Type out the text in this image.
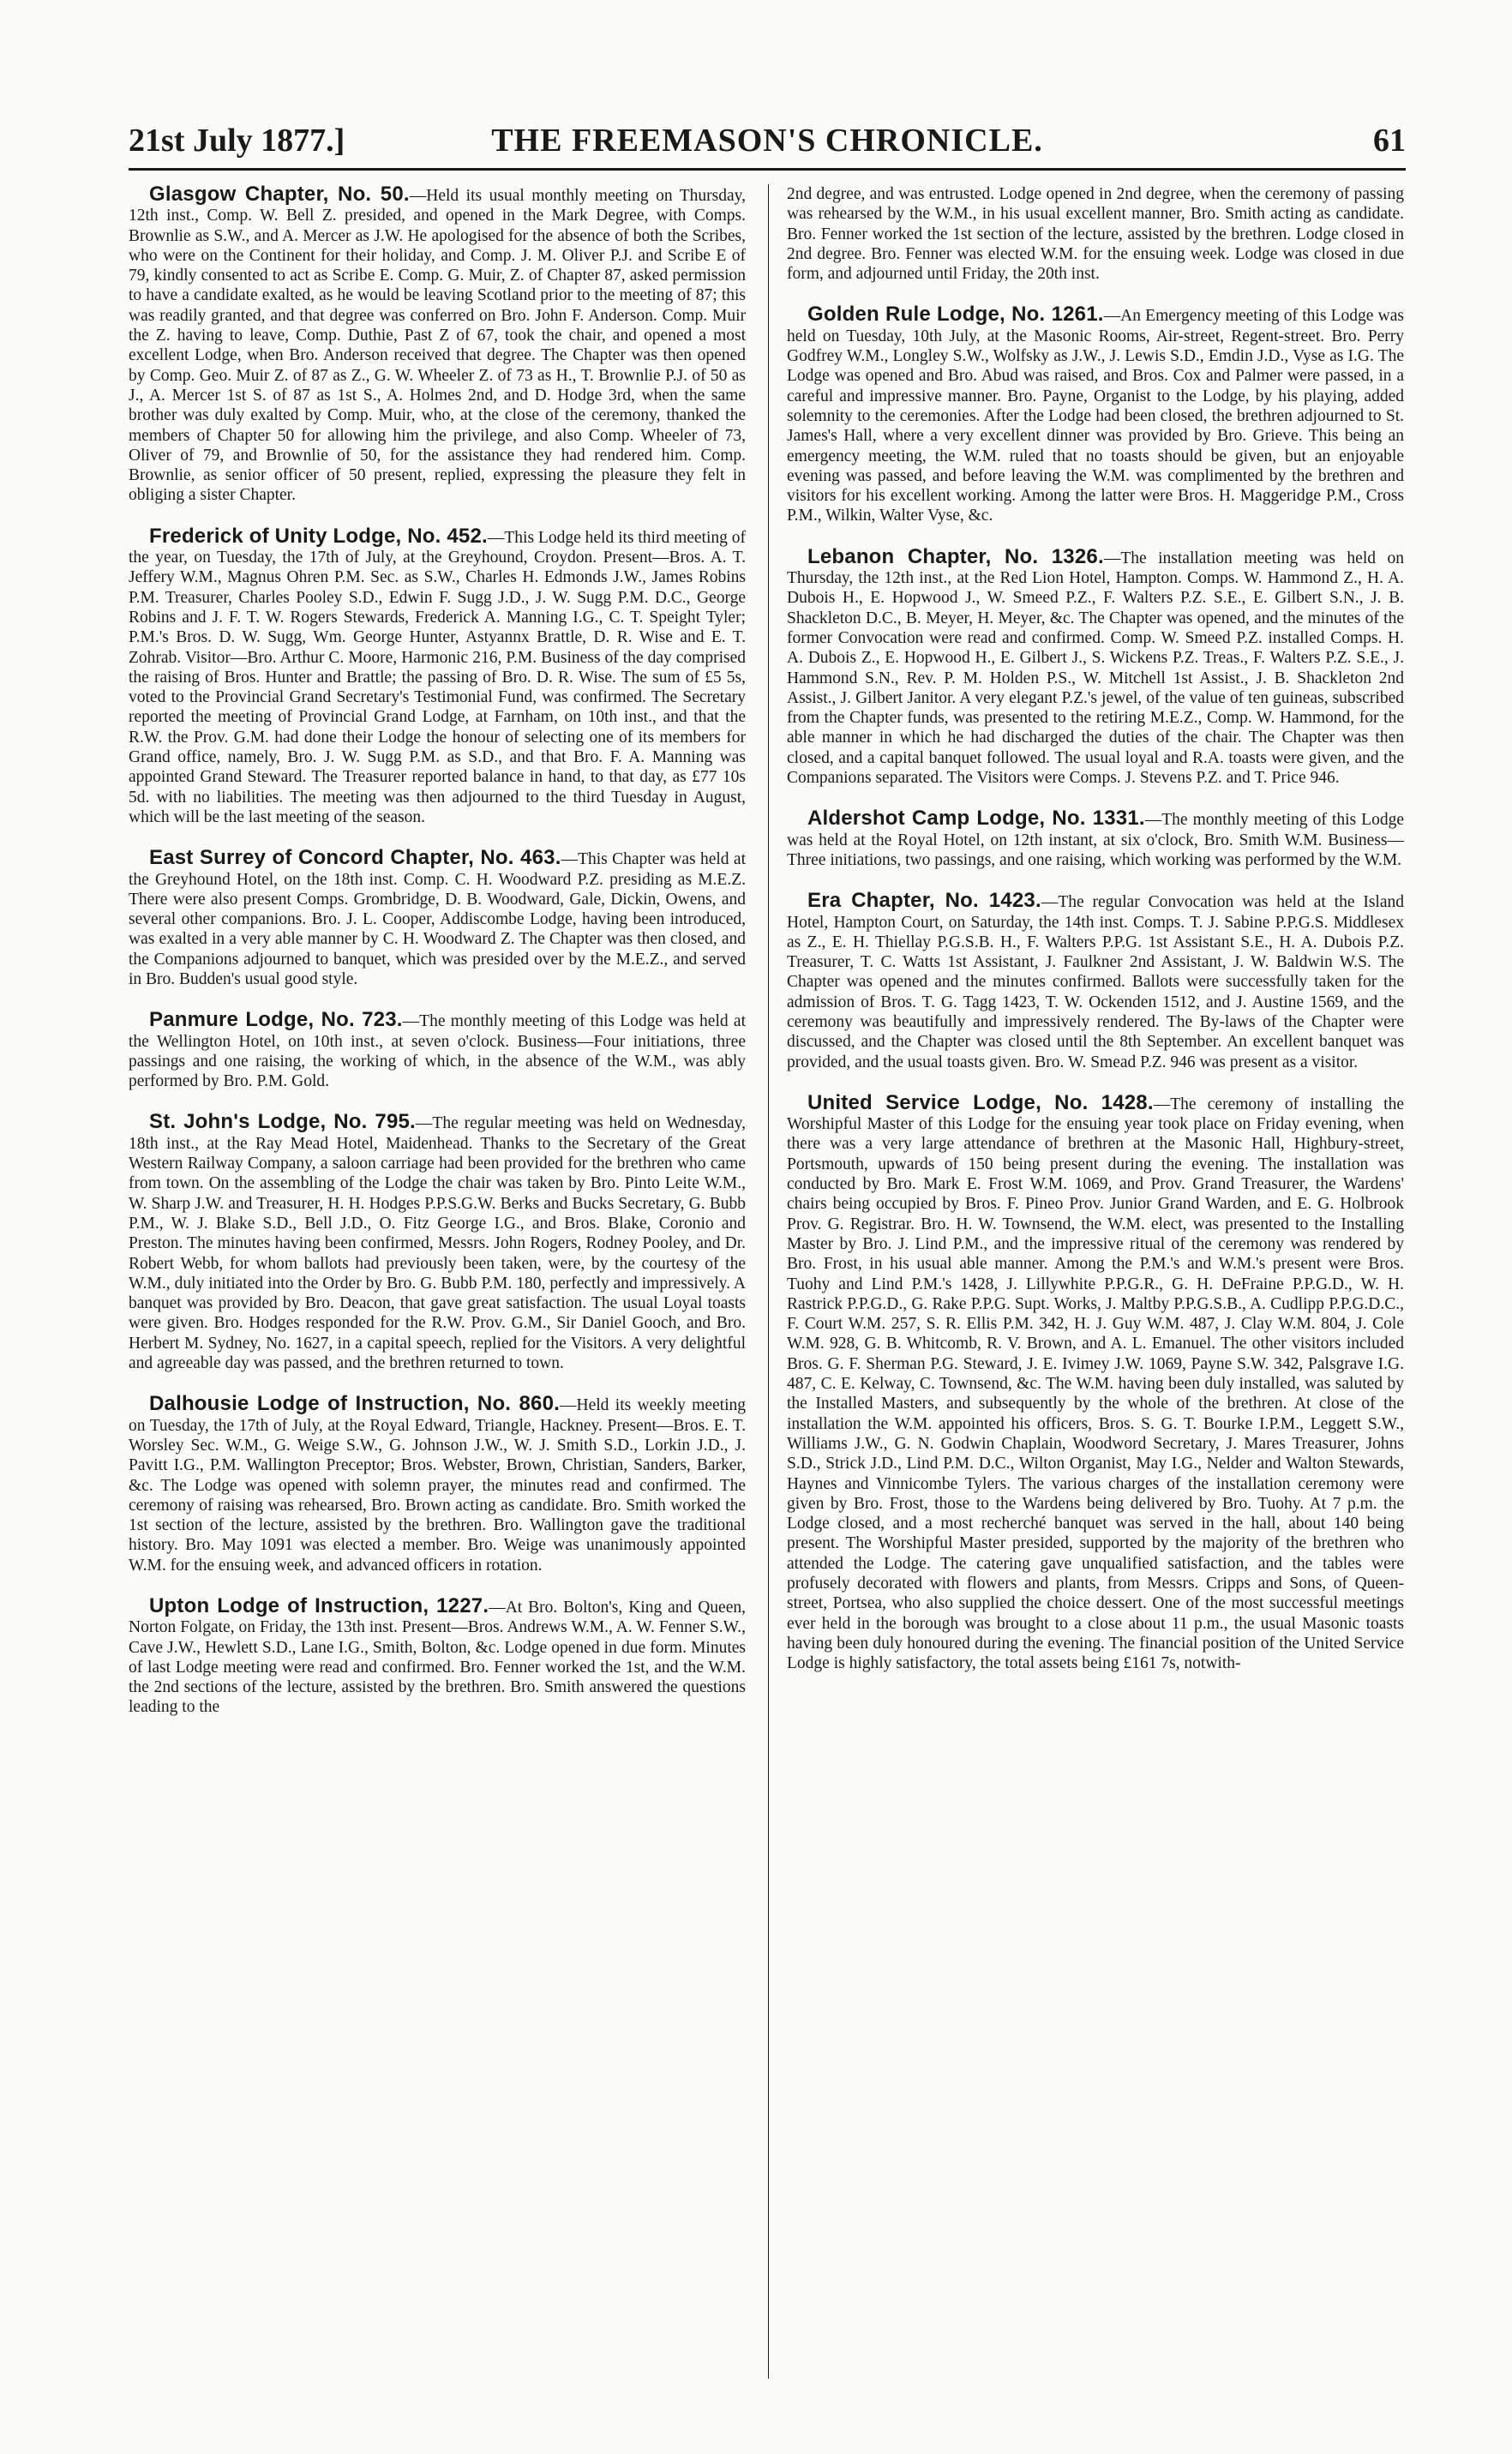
21st July 1877.]	THE FREEMASON'S CHRONICLE.	61

Glasgow Chapter, No. 50.—Held its usual monthly meeting on Thursday, 12th inst., Comp. W. Bell Z. presided, and opened in the Mark Degree, with Comps. Brownlie as S.W., and A. Mercer as J.W. He apologised for the absence of both the Scribes, who were on the Continent for their holiday, and Comp. J. M. Oliver P.J. and Scribe E of 79, kindly consented to act as Scribe E. Comp. G. Muir, Z. of Chapter 87, asked permission to have a candidate exalted, as he would be leaving Scotland prior to the meeting of 87; this was readily granted, and that degree was conferred on Bro. John F. Anderson. Comp. Muir the Z. having to leave, Comp. Duthie, Past Z of 67, took the chair, and opened a most excellent Lodge, when Bro. Anderson received that degree. The Chapter was then opened by Comp. Geo. Muir Z. of 87 as Z., G. W. Wheeler Z. of 73 as H., T. Brownlie P.J. of 50 as J., A. Mercer 1st S. of 87 as 1st S., A. Holmes 2nd, and D. Hodge 3rd, when the same brother was duly exalted by Comp. Muir, who, at the close of the ceremony, thanked the members of Chapter 50 for allowing him the privilege, and also Comp. Wheeler of 73, Oliver of 79, and Brownlie of 50, for the assistance they had rendered him. Comp. Brownlie, as senior officer of 50 present, replied, expressing the pleasure they felt in obliging a sister Chapter.

Frederick of Unity Lodge, No. 452.—This Lodge held its third meeting of the year, on Tuesday, the 17th of July, at the Greyhound, Croydon. Present—Bros. A. T. Jeffery W.M., Magnus Ohren P.M. Sec. as S.W., Charles H. Edmonds J.W., James Robins P.M. Treasurer, Charles Pooley S.D., Edwin F. Sugg J.D., J. W. Sugg P.M. D.C., George Robins and J. F. T. W. Rogers Stewards, Frederick A. Manning I.G., C. T. Speight Tyler; P.M.'s Bros. D. W. Sugg, Wm. George Hunter, Astyannx Brattle, D. R. Wise and E. T. Zohrab. Visitor—Bro. Arthur C. Moore, Harmonic 216, P.M. Business of the day comprised the raising of Bros. Hunter and Brattle; the passing of Bro. D. R. Wise. The sum of £5 5s, voted to the Provincial Grand Secretary's Testimonial Fund, was confirmed. The Secretary reported the meeting of Provincial Grand Lodge, at Farnham, on 10th inst., and that the R.W. the Prov. G.M. had done their Lodge the honour of selecting one of its members for Grand office, namely, Bro. J. W. Sugg P.M. as S.D., and that Bro. F. A. Manning was appointed Grand Steward. The Treasurer reported balance in hand, to that day, as £77 10s 5d. with no liabilities. The meeting was then adjourned to the third Tuesday in August, which will be the last meeting of the season.

East Surrey of Concord Chapter, No. 463.—This Chapter was held at the Greyhound Hotel, on the 18th inst. Comp. C. H. Woodward P.Z. presiding as M.E.Z. There were also present Comps. Grombridge, D. B. Woodward, Gale, Dickin, Owens, and several other companions. Bro. J. L. Cooper, Addiscombe Lodge, having been introduced, was exalted in a very able manner by C. H. Woodward Z. The Chapter was then closed, and the Companions adjourned to banquet, which was presided over by the M.E.Z., and served in Bro. Budden's usual good style.

Panmure Lodge, No. 723.—The monthly meeting of this Lodge was held at the Wellington Hotel, on 10th inst., at seven o'clock. Business—Four initiations, three passings and one raising, the working of which, in the absence of the W.M., was ably performed by Bro. P.M. Gold.

St. John's Lodge, No. 795.—The regular meeting was held on Wednesday, 18th inst., at the Ray Mead Hotel, Maidenhead. Thanks to the Secretary of the Great Western Railway Company, a saloon carriage had been provided for the brethren who came from town. On the assembling of the Lodge the chair was taken by Bro. Pinto Leite W.M., W. Sharp J.W. and Treasurer, H. H. Hodges P.P.S.G.W. Berks and Bucks Secretary, G. Bubb P.M., W. J. Blake S.D., Bell J.D., O. Fitz George I.G., and Bros. Blake, Coronio and Preston. The minutes having been confirmed, Messrs. John Rogers, Rodney Pooley, and Dr. Robert Webb, for whom ballots had previously been taken, were, by the courtesy of the W.M., duly initiated into the Order by Bro. G. Bubb P.M. 180, perfectly and impressively. A banquet was provided by Bro. Deacon, that gave great satisfaction. The usual Loyal toasts were given. Bro. Hodges responded for the R.W. Prov. G.M., Sir Daniel Gooch, and Bro. Herbert M. Sydney, No. 1627, in a capital speech, replied for the Visitors. A very delightful and agreeable day was passed, and the brethren returned to town.

Dalhousie Lodge of Instruction, No. 860.—Held its weekly meeting on Tuesday, the 17th of July, at the Royal Edward, Triangle, Hackney. Present—Bros. E. T. Worsley Sec. W.M., G. Weige S.W., G. Johnson J.W., W. J. Smith S.D., Lorkin J.D., J. Pavitt I.G., P.M. Wallington Preceptor; Bros. Webster, Brown, Christian, Sanders, Barker, &c. The Lodge was opened with solemn prayer, the minutes read and confirmed. The ceremony of raising was rehearsed, Bro. Brown acting as candidate. Bro. Smith worked the 1st section of the lecture, assisted by the brethren. Bro. Wallington gave the traditional history. Bro. May 1091 was elected a member. Bro. Weige was unanimously appointed W.M. for the ensuing week, and advanced officers in rotation.

Upton Lodge of Instruction, 1227.—At Bro. Bolton's, King and Queen, Norton Folgate, on Friday, the 13th inst. Present—Bros. Andrews W.M., A. W. Fenner S.W., Cave J.W., Hewlett S.D., Lane I.G., Smith, Bolton, &c. Lodge opened in due form. Minutes of last Lodge meeting were read and confirmed. Bro. Fenner worked the 1st, and the W.M. the 2nd sections of the lecture, assisted by the brethren. Bro. Smith answered the questions leading to the

2nd degree, and was entrusted. Lodge opened in 2nd degree, when the ceremony of passing was rehearsed by the W.M., in his usual excellent manner, Bro. Smith acting as candidate. Bro. Fenner worked the 1st section of the lecture, assisted by the brethren. Lodge closed in 2nd degree. Bro. Fenner was elected W.M. for the ensuing week. Lodge was closed in due form, and adjourned until Friday, the 20th inst.

Golden Rule Lodge, No. 1261.—An Emergency meeting of this Lodge was held on Tuesday, 10th July, at the Masonic Rooms, Air-street, Regent-street. Bro. Perry Godfrey W.M., Longley S.W., Wolfsky as J.W., J. Lewis S.D., Emdin J.D., Vyse as I.G. The Lodge was opened and Bro. Abud was raised, and Bros. Cox and Palmer were passed, in a careful and impressive manner. Bro. Payne, Organist to the Lodge, by his playing, added solemnity to the ceremonies. After the Lodge had been closed, the brethren adjourned to St. James's Hall, where a very excellent dinner was provided by Bro. Grieve. This being an emergency meeting, the W.M. ruled that no toasts should be given, but an enjoyable evening was passed, and before leaving the W.M. was complimented by the brethren and visitors for his excellent working. Among the latter were Bros. H. Maggeridge P.M., Cross P.M., Wilkin, Walter Vyse, &c.

Lebanon Chapter, No. 1326.—The installation meeting was held on Thursday, the 12th inst., at the Red Lion Hotel, Hampton. Comps. W. Hammond Z., H. A. Dubois H., E. Hopwood J., W. Smeed P.Z., F. Walters P.Z. S.E., E. Gilbert S.N., J. B. Shackleton D.C., B. Meyer, H. Meyer, &c. The Chapter was opened, and the minutes of the former Convocation were read and confirmed. Comp. W. Smeed P.Z. installed Comps. H. A. Dubois Z., E. Hopwood H., E. Gilbert J., S. Wickens P.Z. Treas., F. Walters P.Z. S.E., J. Hammond S.N., Rev. P. M. Holden P.S., W. Mitchell 1st Assist., J. B. Shackleton 2nd Assist., J. Gilbert Janitor. A very elegant P.Z.'s jewel, of the value of ten guineas, subscribed from the Chapter funds, was presented to the retiring M.E.Z., Comp. W. Hammond, for the able manner in which he had discharged the duties of the chair. The Chapter was then closed, and a capital banquet followed. The usual loyal and R.A. toasts were given, and the Companions separated. The Visitors were Comps. J. Stevens P.Z. and T. Price 946.

Aldershot Camp Lodge, No. 1331.—The monthly meeting of this Lodge was held at the Royal Hotel, on 12th instant, at six o'clock, Bro. Smith W.M. Business—Three initiations, two passings, and one raising, which working was performed by the W.M.

Era Chapter, No. 1423.—The regular Convocation was held at the Island Hotel, Hampton Court, on Saturday, the 14th inst. Comps. T. J. Sabine P.P.G.S. Middlesex as Z., E. H. Thiellay P.G.S.B. H., F. Walters P.P.G. 1st Assistant S.E., H. A. Dubois P.Z. Treasurer, T. C. Watts 1st Assistant, J. Faulkner 2nd Assistant, J. W. Baldwin W.S. The Chapter was opened and the minutes confirmed. Ballots were successfully taken for the admission of Bros. T. G. Tagg 1423, T. W. Ockenden 1512, and J. Austine 1569, and the ceremony was beautifully and impressively rendered. The By-laws of the Chapter were discussed, and the Chapter was closed until the 8th September. An excellent banquet was provided, and the usual toasts given. Bro. W. Smead P.Z. 946 was present as a visitor.

United Service Lodge, No. 1428.—The ceremony of installing the Worshipful Master of this Lodge for the ensuing year took place on Friday evening, when there was a very large attendance of brethren at the Masonic Hall, Highbury-street, Portsmouth, upwards of 150 being present during the evening. The installation was conducted by Bro. Mark E. Frost W.M. 1069, and Prov. Grand Treasurer, the Wardens' chairs being occupied by Bros. F. Pineo Prov. Junior Grand Warden, and E. G. Holbrook Prov. G. Registrar. Bro. H. W. Townsend, the W.M. elect, was presented to the Installing Master by Bro. J. Lind P.M., and the impressive ritual of the ceremony was rendered by Bro. Frost, in his usual able manner. Among the P.M.'s and W.M.'s present were Bros. Tuohy and Lind P.M.'s 1428, J. Lillywhite P.P.G.R., G. H. DeFraine P.P.G.D., W. H. Rastrick P.P.G.D., G. Rake P.P.G. Supt. Works, J. Maltby P.P.G.S.B., A. Cudlipp P.P.G.D.C., F. Court W.M. 257, S. R. Ellis P.M. 342, H. J. Guy W.M. 487, J. Clay W.M. 804, J. Cole W.M. 928, G. B. Whitcomb, R. V. Brown, and A. L. Emanuel. The other visitors included Bros. G. F. Sherman P.G. Steward, J. E. Ivimey J.W. 1069, Payne S.W. 342, Palsgrave I.G. 487, C. E. Kelway, C. Townsend, &c. The W.M. having been duly installed, was saluted by the Installed Masters, and subsequently by the whole of the brethren. At close of the installation the W.M. appointed his officers, Bros. S. G. T. Bourke I.P.M., Leggett S.W., Williams J.W., G. N. Godwin Chaplain, Woodword Secretary, J. Mares Treasurer, Johns S.D., Strick J.D., Lind P.M. D.C., Wilton Organist, May I.G., Nelder and Walton Stewards, Haynes and Vinnicombe Tylers. The various charges of the installation ceremony were given by Bro. Frost, those to the Wardens being delivered by Bro. Tuohy. At 7 p.m. the Lodge closed, and a most recherché banquet was served in the hall, about 140 being present. The Worshipful Master presided, supported by the majority of the brethren who attended the Lodge. The catering gave unqualified satisfaction, and the tables were profusely decorated with flowers and plants, from Messrs. Cripps and Sons, of Queen-street, Portsea, who also supplied the choice dessert. One of the most successful meetings ever held in the borough was brought to a close about 11 p.m., the usual Masonic toasts having been duly honoured during the evening. The financial position of the United Service Lodge is highly satisfactory, the total assets being £161 7s, notwith-
